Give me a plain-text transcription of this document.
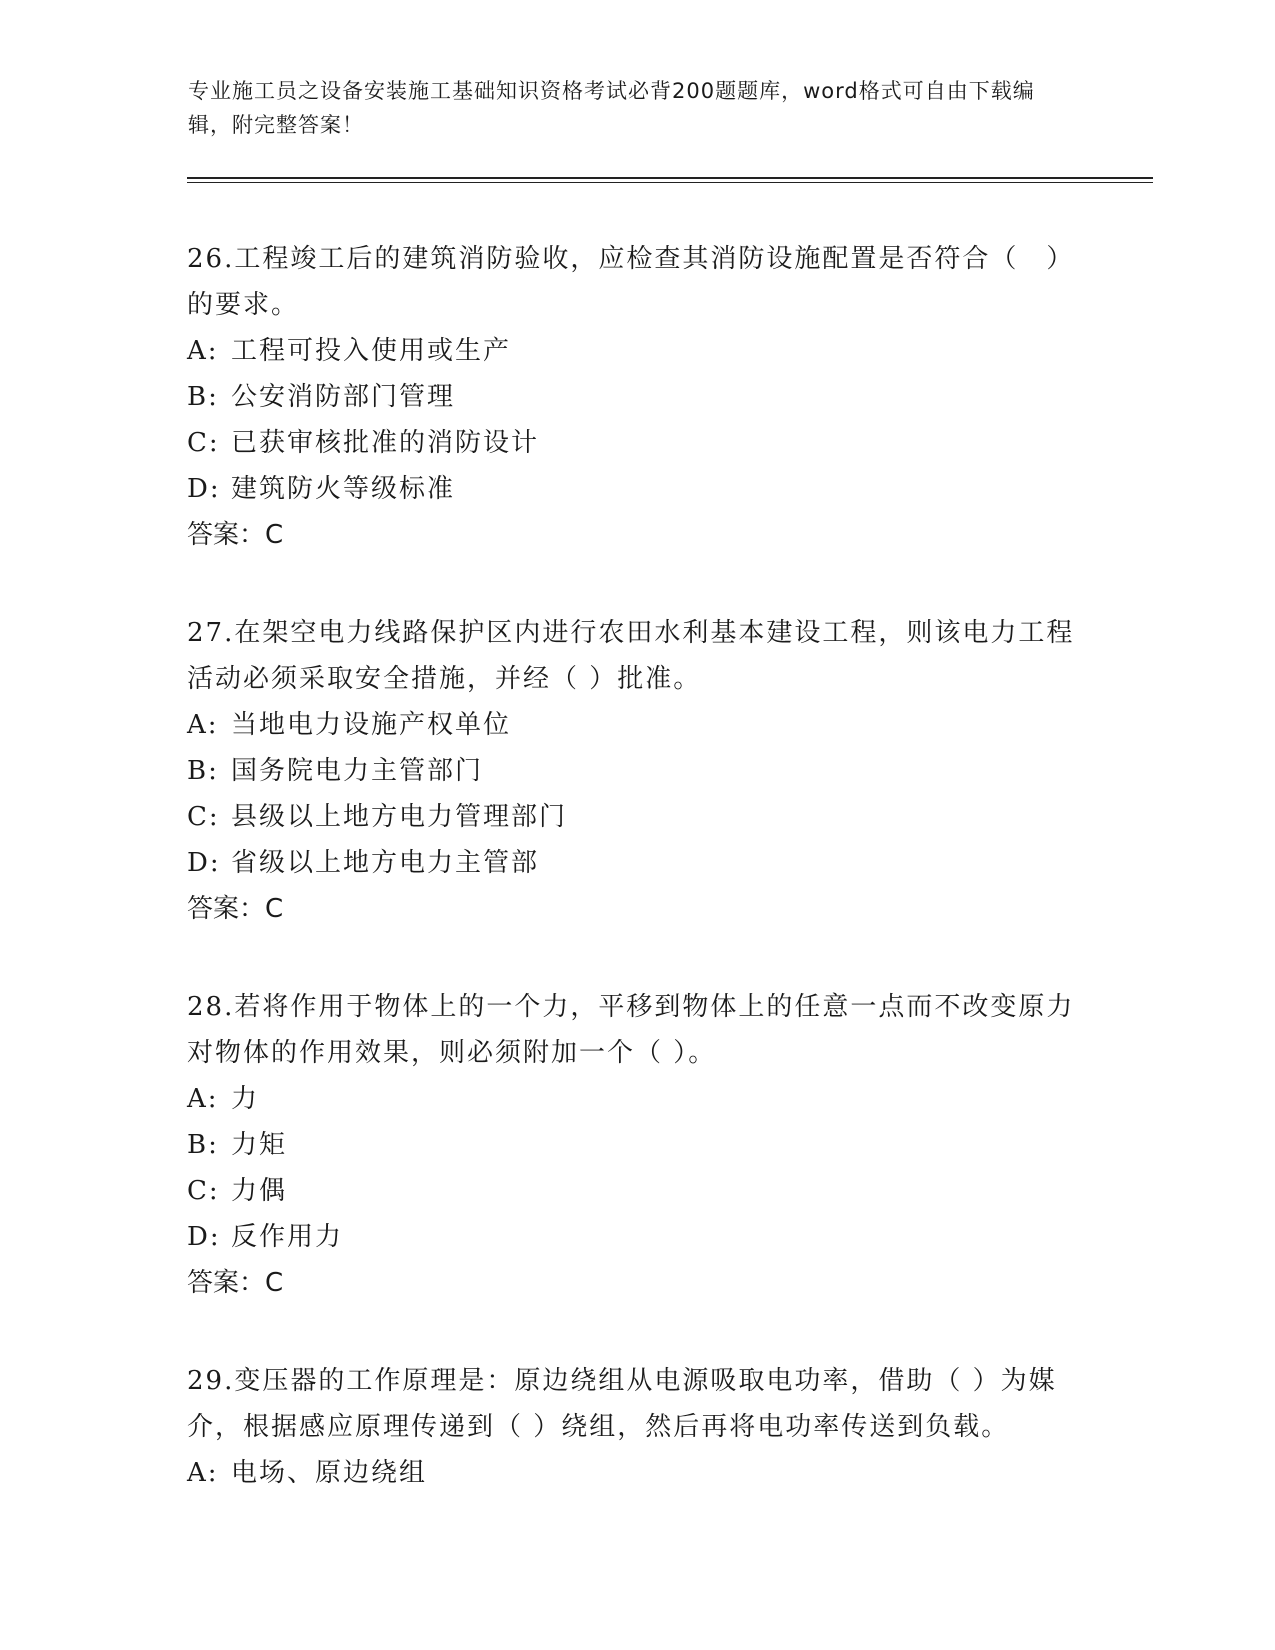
专业施工员之设备安装施工基础知识资格考试必背200题题库，word格式可自由下载编辑，附完整答案！

26.工程竣工后的建筑消防验收，应检查其消防设施配置是否符合（　）的要求。

A: 工程可投入使用或生产

B: 公安消防部门管理

C: 已获审核批准的消防设计

D: 建筑防火等级标准

答案：C

27.在架空电力线路保护区内进行农田水利基本建设工程，则该电力工程活动必须采取安全措施，并经（ ）批准。

A: 当地电力设施产权单位

B: 国务院电力主管部门

C: 县级以上地方电力管理部门

D: 省级以上地方电力主管部

答案：C

28.若将作用于物体上的一个力，平移到物体上的任意一点而不改变原力对物体的作用效果，则必须附加一个（ ）。

A: 力

B: 力矩

C: 力偶

D: 反作用力

答案：C

29.变压器的工作原理是：原边绕组从电源吸取电功率，借助（ ）为媒介，根据感应原理传递到（ ）绕组，然后再将电功率传送到负载。

A: 电场、原边绕组
